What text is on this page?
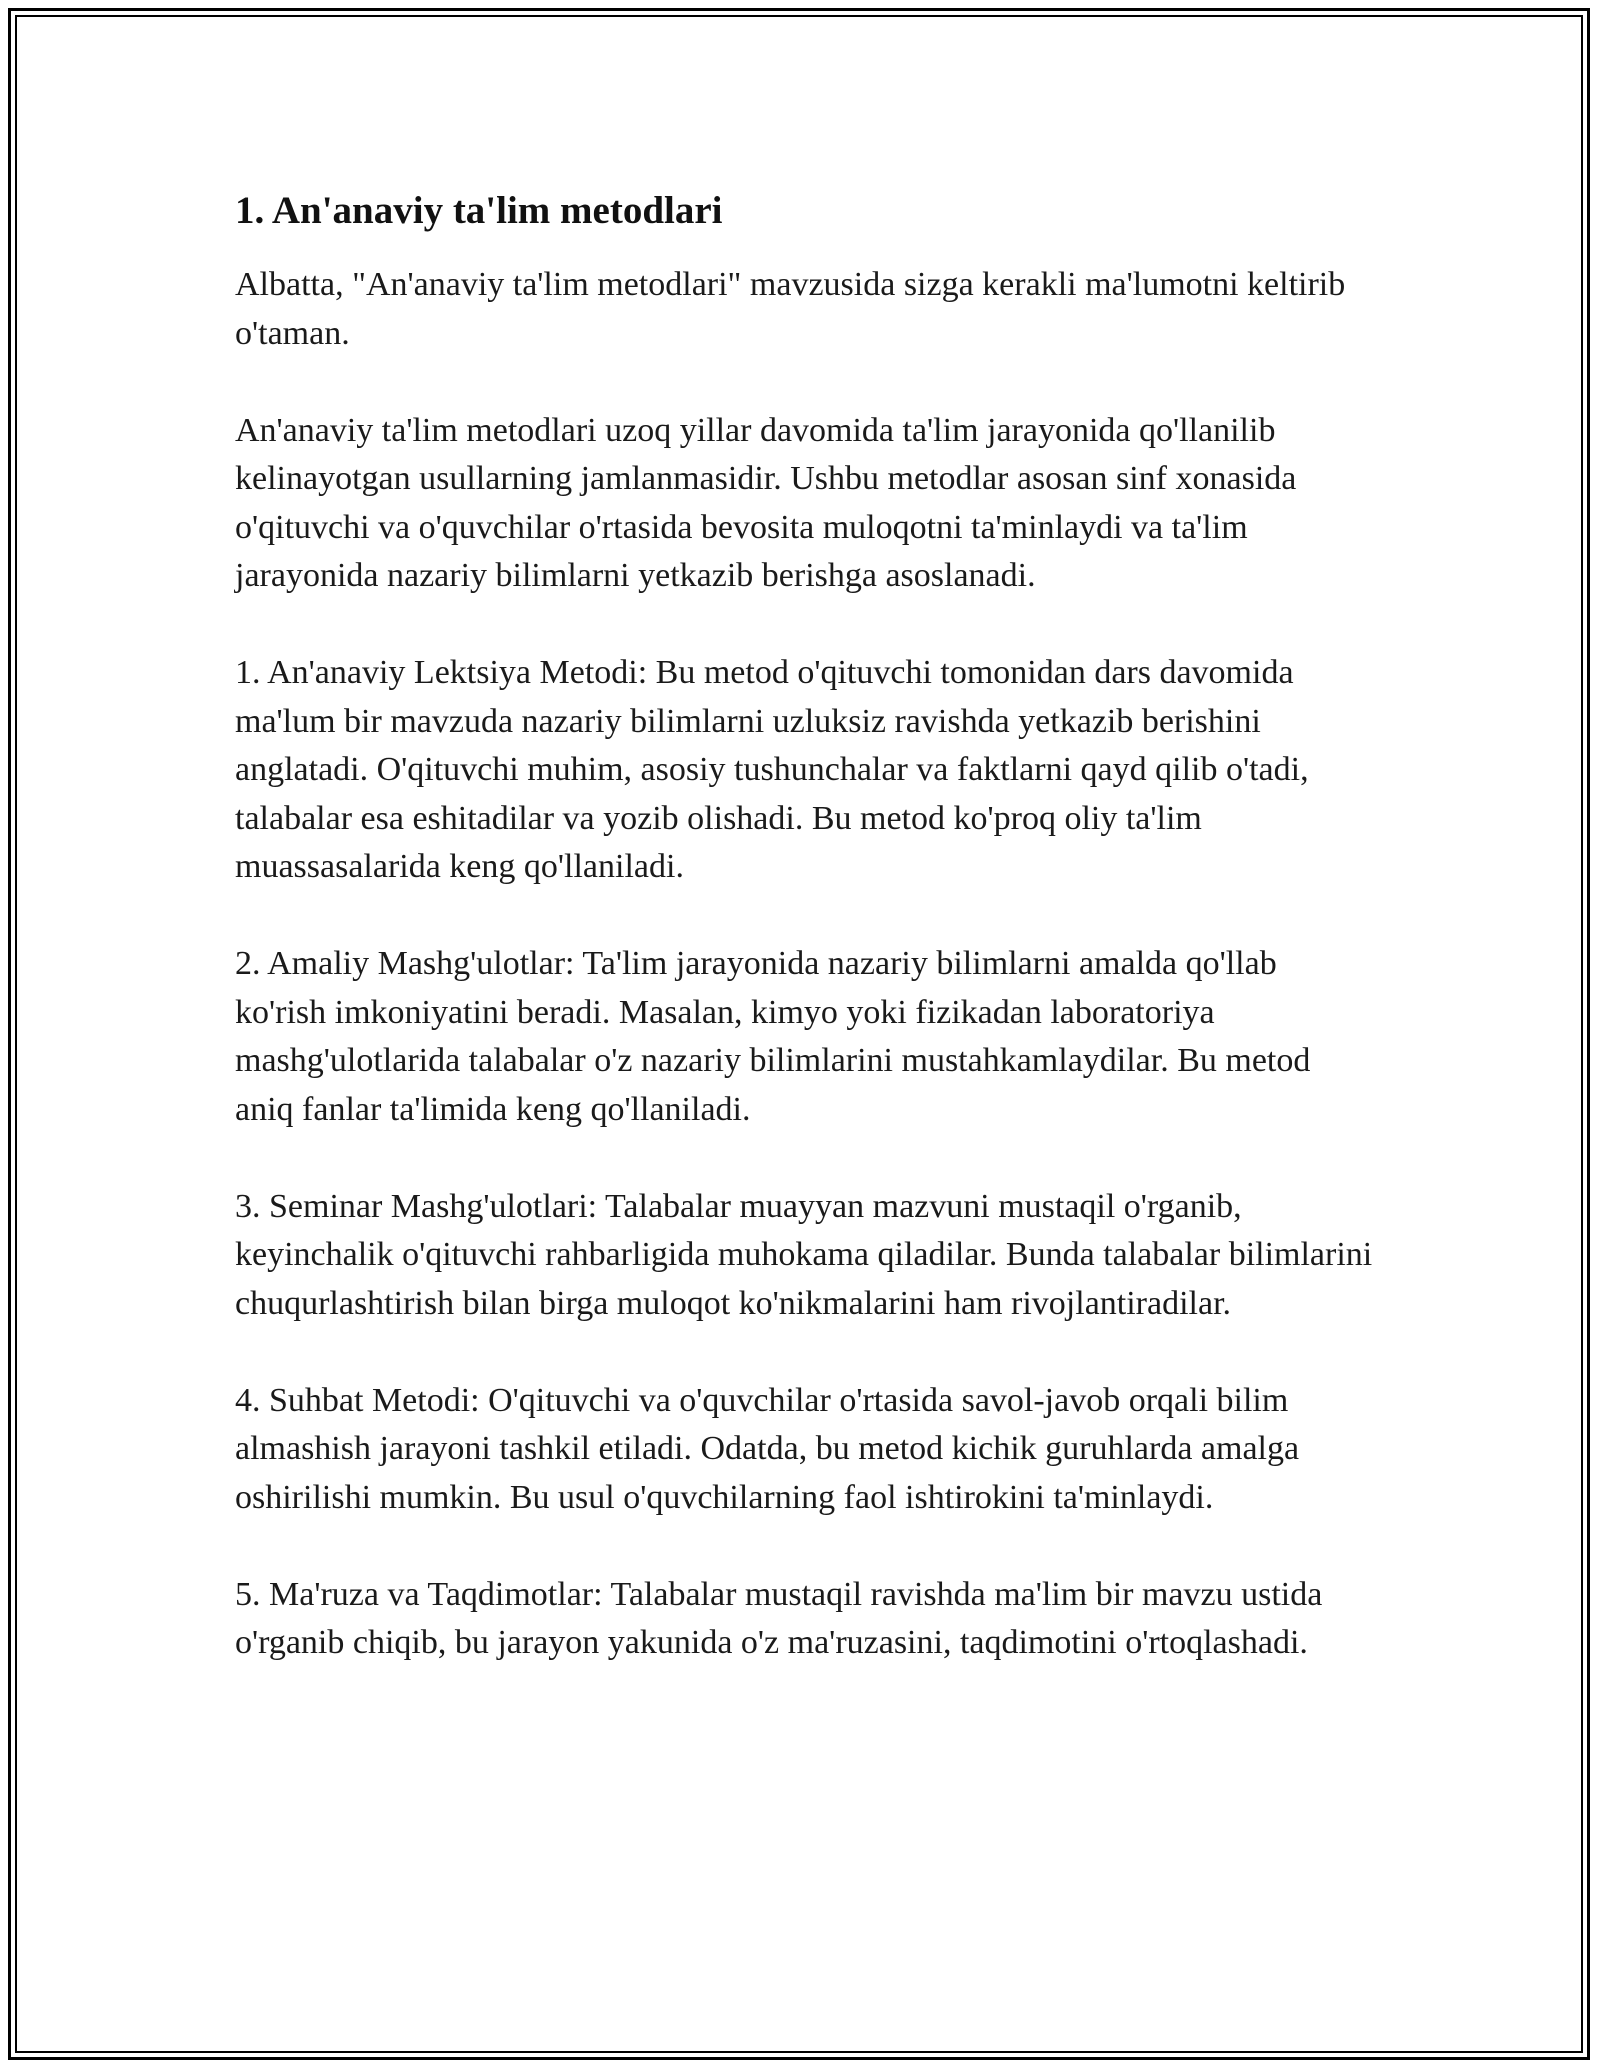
1. An'anaviy ta'lim metodlari

Albatta, "An'anaviy ta'lim metodlari" mavzusida sizga kerakli ma'lumotni keltirib o'taman.

An'anaviy ta'lim metodlari uzoq yillar davomida ta'lim jarayonida qo'llanilib kelinayotgan usullarning jamlanmasidir. Ushbu metodlar asosan sinf xonasida o'qituvchi va o'quvchilar o'rtasida bevosita muloqotni ta'minlaydi va ta'lim jarayonida nazariy bilimlarni yetkazib berishga asoslanadi.

1. An'anaviy Lektsiya Metodi: Bu metod o'qituvchi tomonidan dars davomida ma'lum bir mavzuda nazariy bilimlarni uzluksiz ravishda yetkazib berishini anglatadi. O'qituvchi muhim, asosiy tushunchalar va faktlarni qayd qilib o'tadi, talabalar esa eshitadilar va yozib olishadi. Bu metod ko'proq oliy ta'lim muassasalarida keng qo'llaniladi.

2. Amaliy Mashg'ulotlar: Ta'lim jarayonida nazariy bilimlarni amalda qo'llab ko'rish imkoniyatini beradi. Masalan, kimyo yoki fizikadan laboratoriya mashg'ulotlarida talabalar o'z nazariy bilimlarini mustahkamlaydilar. Bu metod aniq fanlar ta'limida keng qo'llaniladi.

3. Seminar Mashg'ulotlari: Talabalar muayyan mazvuni mustaqil o'rganib, keyinchalik o'qituvchi rahbarligida muhokama qiladilar. Bunda talabalar bilimlarini chuqurlashtirish bilan birga muloqot ko'nikmalarini ham rivojlantiradilar.

4. Suhbat Metodi: O'qituvchi va o'quvchilar o'rtasida savol-javob orqali bilim almashish jarayoni tashkil etiladi. Odatda, bu metod kichik guruhlarda amalga oshirilishi mumkin. Bu usul o'quvchilarning faol ishtirokini ta'minlaydi.

5. Ma'ruza va Taqdimotlar: Talabalar mustaqil ravishda ma'lim bir mavzu ustida o'rganib chiqib, bu jarayon yakunida o'z ma'ruzasini, taqdimotini o'rtoqlashadi.
